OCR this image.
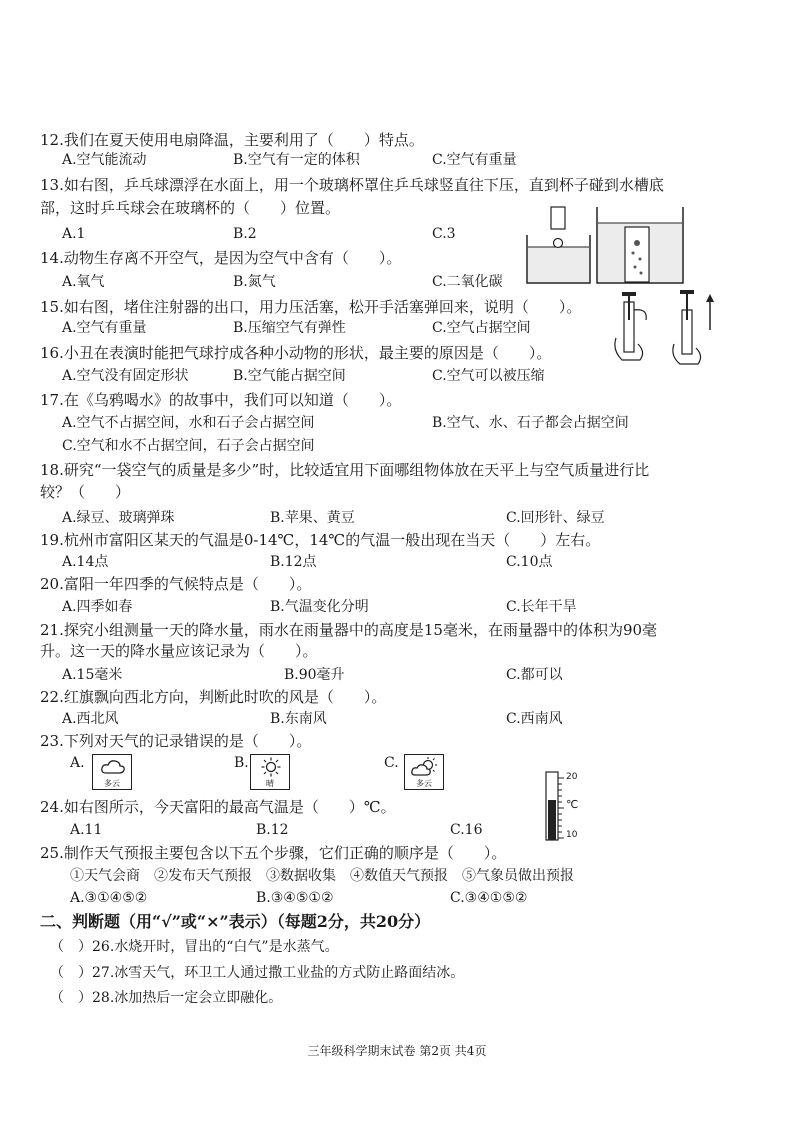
12.我们在夏天使用电扇降温，主要利用了（　　）特点。
A.空气能流动	B.空气有一定的体积	C.空气有重量
13.如右图，乒乓球漂浮在水面上，用一个玻璃杯罩住乒乓球竖直往下压，直到杯子碰到水槽底
部，这时乒乓球会在玻璃杯的（　　）位置。
A.1	B.2	C.3
14.动物生存离不开空气，是因为空气中含有（　　）。
A.氧气	B.氮气	C.二氧化碳
15.如右图，堵住注射器的出口，用力压活塞，松开手活塞弹回来，说明（　　）。
A.空气有重量	B.压缩空气有弹性	C.空气占据空间
16.小丑在表演时能把气球拧成各种小动物的形状，最主要的原因是（　　）。
A.空气没有固定形状	B.空气能占据空间	C.空气可以被压缩
17.在《乌鸦喝水》的故事中，我们可以知道（　　）。
A.空气不占据空间，水和石子会占据空间	B.空气、水、石子都会占据空间
C.空气和水不占据空间，石子会占据空间
18.研究“一袋空气的质量是多少”时，比较适宜用下面哪组物体放在天平上与空气质量进行比
较？（　　）
A.绿豆、玻璃弹珠	B.苹果、黄豆	C.回形针、绿豆
19.杭州市富阳区某天的气温是0-14℃，14℃的气温一般出现在当天（　　）左右。
A.14点	B.12点	C.10点
20.富阳一年四季的气候特点是（　　）。
A.四季如春	B.气温变化分明	C.长年干旱
21.探究小组测量一天的降水量，雨水在雨量器中的高度是15毫米，在雨量器中的体积为90毫
升。这一天的降水量应该记录为（　　）。
A.15毫米	B.90毫升	C.都可以
22.红旗飘向西北方向，判断此时吹的风是（　　）。
A.西北风	B.东南风	C.西南风
23.下列对天气的记录错误的是（　　）。
A.
多云
B.
晴
C.
多云
24.如右图所示，今天富阳的最高气温是（　　）℃。
A.11	B.12	C.16
20
℃
10
25.制作天气预报主要包含以下五个步骤，它们正确的顺序是（　　）。
①天气会商　②发布天气预报　③数据收集　④数值天气预报　⑤气象员做出预报
A.③①④⑤②	B.③④⑤①②	C.③④①⑤②
二、判断题（用“√”或“×”表示）（每题2分，共20分）
（　）26.水烧开时，冒出的“白气”是水蒸气。
（　）27.冰雪天气，环卫工人通过撒工业盐的方式防止路面结冰。
（　）28.冰加热后一定会立即融化。
三年级科学期末试卷 第2页 共4页
